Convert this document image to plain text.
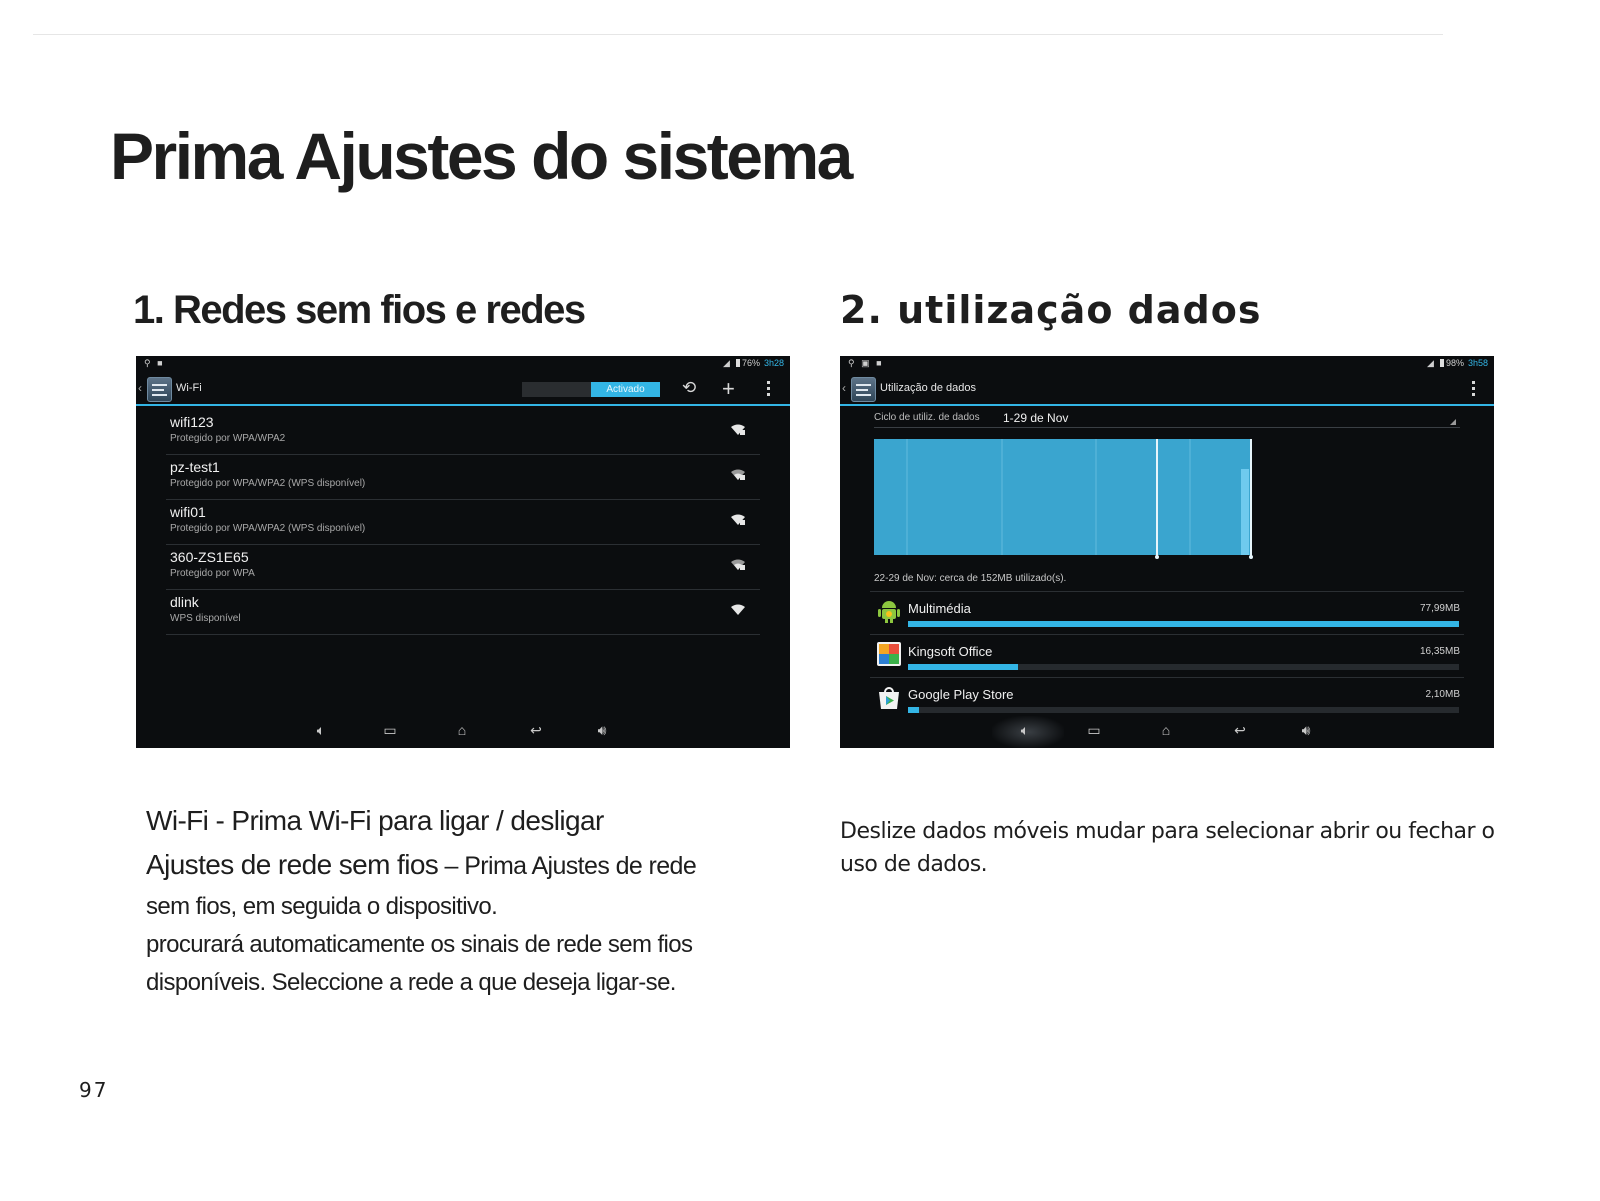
Prima Ajustes do sistema
1. Redes sem fios e redes	2. utilização dados
⚲ ■	◢ 76% 3h28
‹	Wi-Fi	Activado	⟲ +
wifi123
Protegido por WPA/WPA2
pz-test1
Protegido por WPA/WPA2 (WPS disponível)
wifi01
Protegido por WPA/WPA2 (WPS disponível)
360-ZS1E65
Protegido por WPA
dlink
WPS disponível
🔈︎	▭	⌂	↩	🔊︎
⚲ ▣ ■	◢ 98% 3h58
‹	Utilização de dados
Ciclo de utiliz. de dados 1-29 de Nov
22-29 de Nov: cerca de 152MB utilizado(s).
Multimédia	77,99MB
Kingsoft Office	16,35MB
Google Play Store	2,10MB
🔈︎	▭	⌂	↩	🔊︎
Wi-Fi - Prima Wi-Fi para ligar / desligar
Ajustes de rede sem fios – Prima Ajustes de rede
sem fios, em seguida o dispositivo.
procurará automaticamente os sinais de rede sem fios
disponíveis. Seleccione a rede a que deseja ligar-se.
Deslize dados móveis mudar para selecionar abrir ou fechar o uso de dados.
97
